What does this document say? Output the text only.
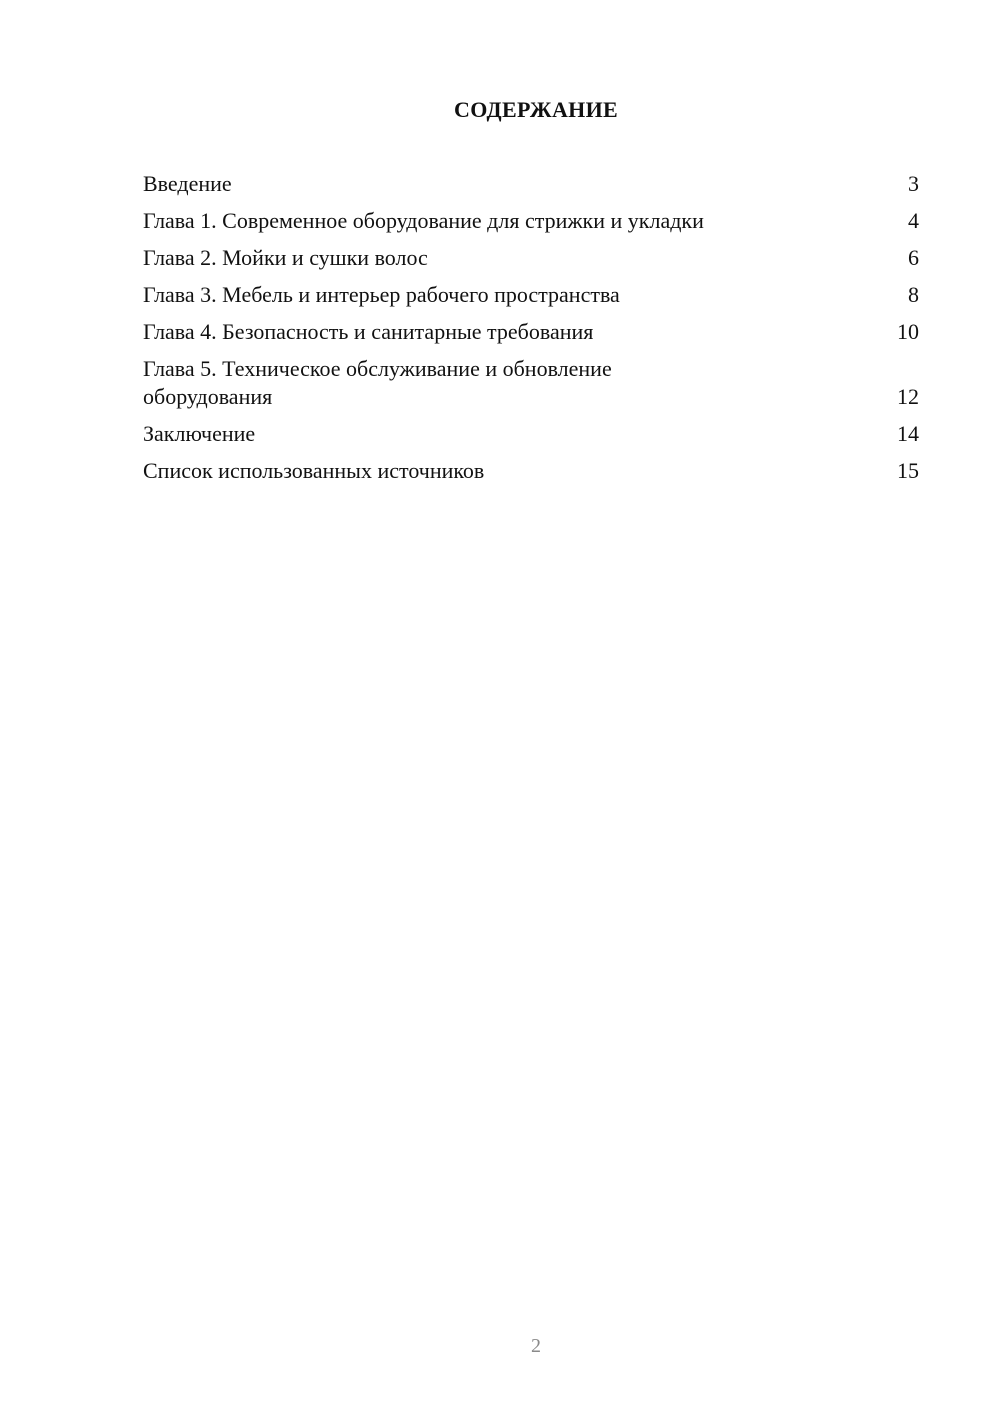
СОДЕРЖАНИЕ
Введение	3
Глава 1. Современное оборудование для стрижки и укладки	4
Глава 2. Мойки и сушки волос	6
Глава 3. Мебель и интерьер рабочего пространства	8
Глава 4. Безопасность и санитарные требования	10
Глава 5. Техническое обслуживание и обновление оборудования	12
Заключение	14
Список использованных источников	15
2
